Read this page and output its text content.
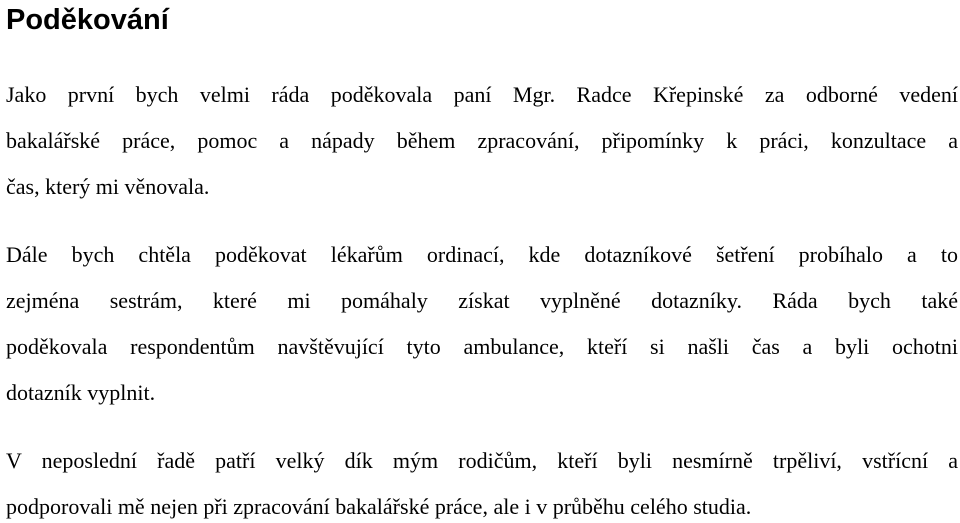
Poděkování

Jako první bych velmi ráda poděkovala paní Mgr. Radce Křepinské za odborné vedení

bakalářské práce, pomoc a nápady během zpracování, připomínky k práci, konzultace a

čas, který mi věnovala.

Dále bych chtěla poděkovat lékařům ordinací, kde dotazníkové šetření probíhalo a to

zejména sestrám, které mi pomáhaly získat vyplněné dotazníky. Ráda bych také

poděkovala respondentům navštěvující tyto ambulance, kteří si našli čas a byli ochotni

dotazník vyplnit.

V neposlední řadě patří velký dík mým rodičům, kteří byli nesmírně trpěliví, vstřícní a

podporovali mě nejen při zpracování bakalářské práce, ale i v průběhu celého studia.
